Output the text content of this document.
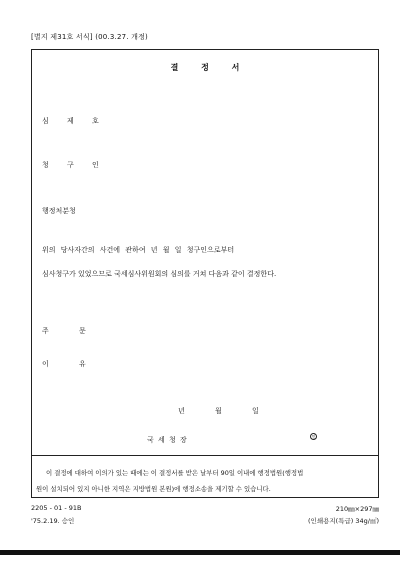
[별지 제31호 서식] (00.3.27. 개정)
결 정 서
심 제 호
청 구 인
행정처분청
위의 당사자간의 사건에 관하여 년 월 일 청구인으로부터
심사청구가 있었으므로 국세심사위원회의 심의를 거쳐 다음과 같이 결정한다.
주 문
이 유
년 월 일
국 세 청 장	인
이 결정에 대하여 이의가 있는 때에는 이 결정서를 받은 날부터 90일 이내에 행정법원(행정법
원이 설치되어 있지 아니한 지역은 지방법원 본원)에 행정소송을 제기할 수 있습니다.
2205 - 01 - 91B
'75.2.19. 승인
210㎜×297㎜
(인쇄용지(특급) 34g/㎡)
